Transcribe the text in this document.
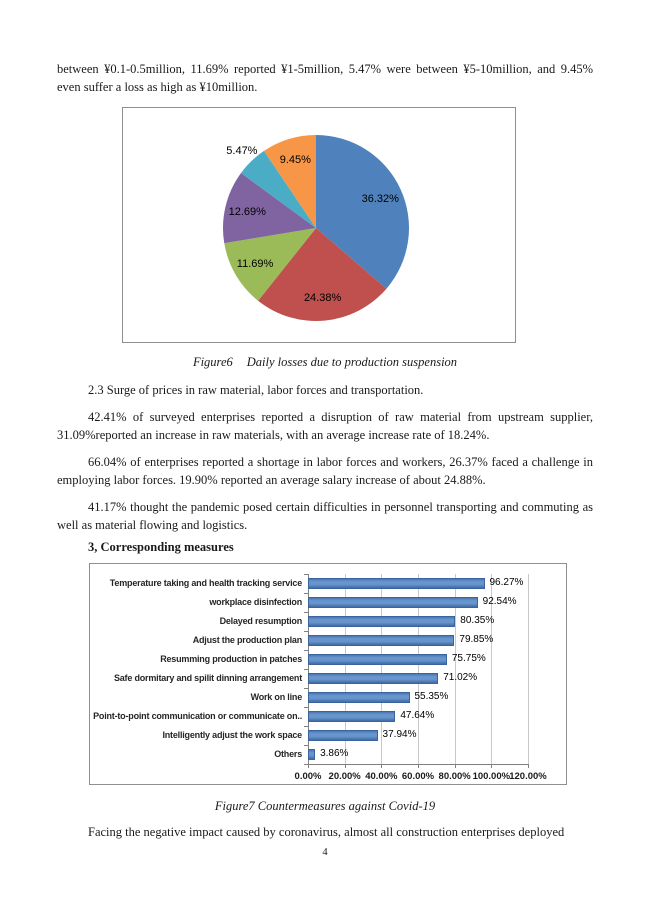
between ¥0.1-0.5million, 11.69% reported ¥1-5million, 5.47% were between ¥5-10million, and 9.45% even suffer a loss as high as ¥10million.

36.32%
24.38%
11.69%
12.69%
5.47%
9.45%

Figure6 Daily losses due to production suspension

2.3 Surge of prices in raw material, labor forces and transportation.

42.41% of surveyed enterprises reported a disruption of raw material from upstream supplier, 31.09%reported an increase in raw materials, with an average increase rate of 18.24%.

66.04% of enterprises reported a shortage in labor forces and workers, 26.37% faced a challenge in employing labor forces. 19.90% reported an average salary increase of about 24.88%.

41.17% thought the pandemic posed certain difficulties in personnel transporting and commuting as well as material flowing and logistics.

3, Corresponding measures

0.00% 20.00% 40.00% 60.00% 80.00% 100.00% 120.00%
Temperature taking and health tracking service	96.27%
workplace disinfection	92.54%
Delayed resumption	80.35%
Adjust the production plan	79.85%
Resumming production in patches	75.75%
Safe dormitary and spilit dinning arrangement	71.02%
Work on line	55.35%
Point-to-point communication or communicate on..	47.64%
Intelligently adjust the work space	37.94%
Others 3.86%

Figure7 Countermeasures against Covid-19

Facing the negative impact caused by coronavirus, almost all construction enterprises deployed

4
